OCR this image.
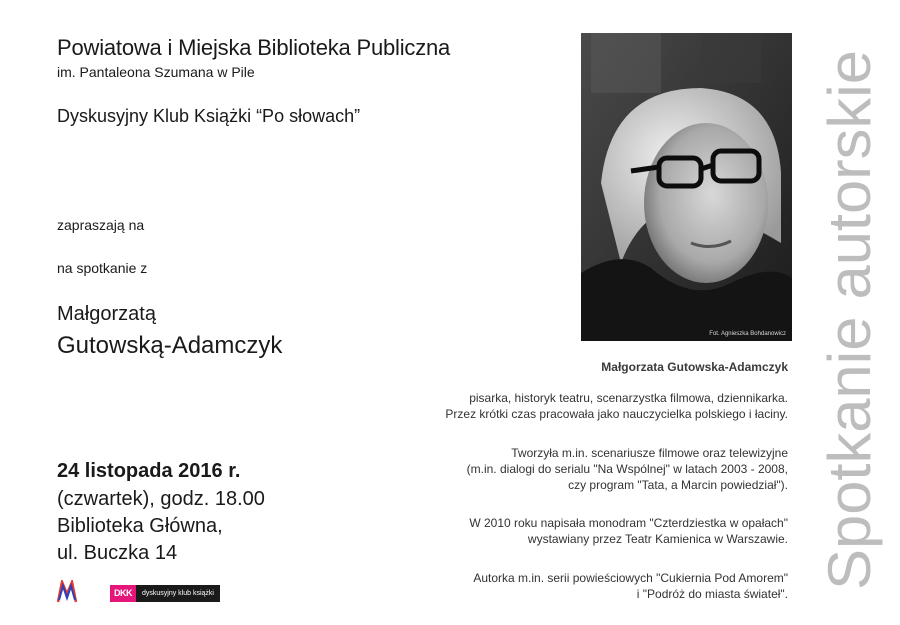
Powiatowa i Miejska Biblioteka Publiczna
im. Pantaleona Szumana w Pile
Dyskusyjny Klub Książki “Po słowach”
zapraszają na
na spotkanie z
Małgorzatą
Gutowską-Adamczyk
24 listopada 2016 r.
(czwartek), godz. 18.00
Biblioteka Główna,
ul. Buczka 14
Fot. Agnieszka Bohdanowicz
Małgorzata Gutowska-Adamczyk

pisarka, historyk teatru, scenarzystka filmowa, dziennikarka.

Przez krótki czas pracowała jako nauczycielka polskiego i łaciny.

Tworzyła m.in. scenariusze filmowe oraz telewizyjne

(m.in. dialogi do serialu "Na Wspólnej" w latach 2003 - 2008,

czy program "Tata, a Marcin powiedział").

W 2010 roku napisała monodram "Czterdziestka w opałach"

wystawiany przez Teatr Kamienica w Warszawie.

Autorka m.in. serii powieściowych "Cukiernia Pod Amorem"

i "Podróż do miasta świateł".

Spotkanie autorskie
DKK	dyskusyjny klub książki
